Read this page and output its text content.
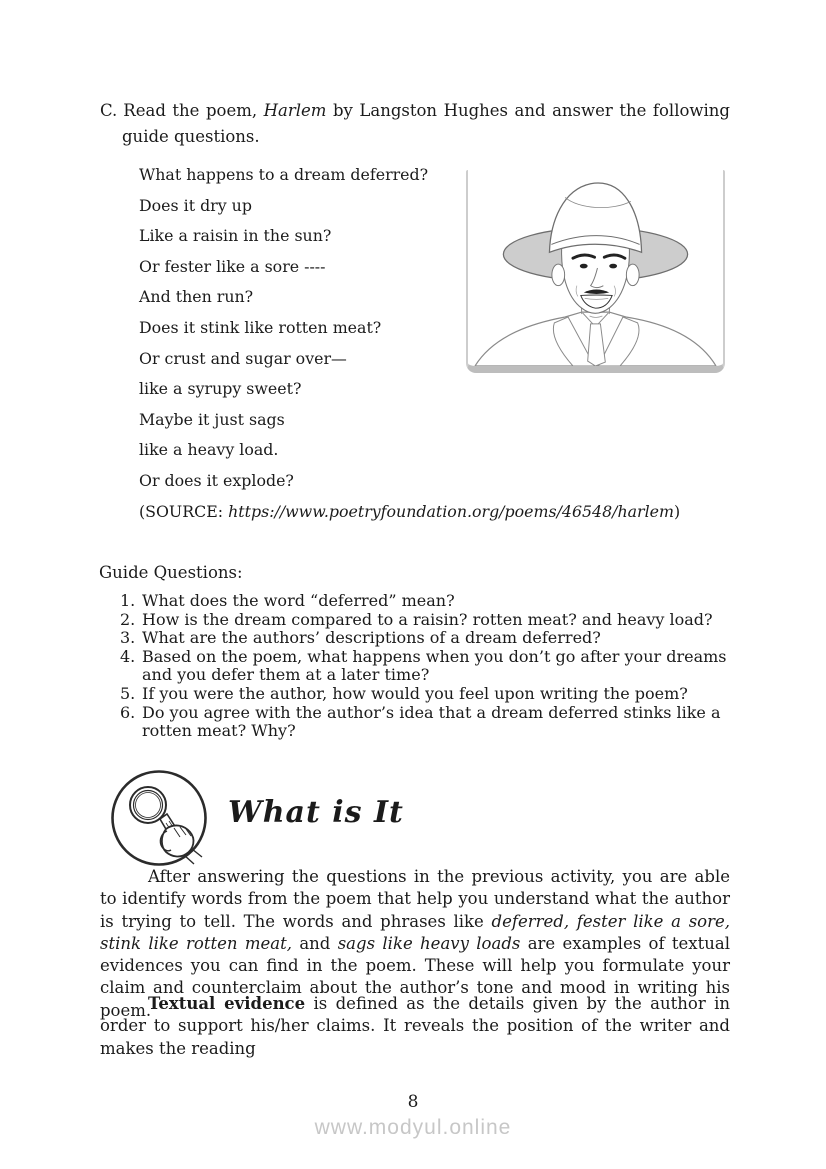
C. Read the poem, Harlem by Langston Hughes and answer the following guide questions.
What happens to a dream deferred?
Does it dry up
Like a raisin in the sun?
Or fester like a sore ----
And then run?
Does it stink like rotten meat?
Or crust and sugar over—
like a syrupy sweet?
Maybe it just sags
like a heavy load.
Or does it explode?
(SOURCE: https://www.poetryfoundation.org/poems/46548/harlem)
Guide Questions:
1. What does the word “deferred” mean?
2. How is the dream compared to a raisin? rotten meat? and heavy load?
3. What are the authors’ descriptions of a dream deferred?
4. Based on the poem, what happens when you don’t go after your dreams and you defer them at a later time?
5. If you were the author, how would you feel upon writing the poem?
6. Do you agree with the author’s idea that a dream deferred stinks like a rotten meat? Why?
What is It
After answering the questions in the previous activity, you are able to identify words from the poem that help you understand what the author is trying to tell. The words and phrases like deferred, fester like a sore, stink like rotten meat, and sags like heavy loads are examples of textual evidences you can find in the poem. These will help you formulate your claim and counterclaim about the author’s tone and mood in writing his poem.
Textual evidence is defined as the details given by the author in order to support his/her claims. It reveals the position of the writer and makes the reading
8
www.modyul.online
